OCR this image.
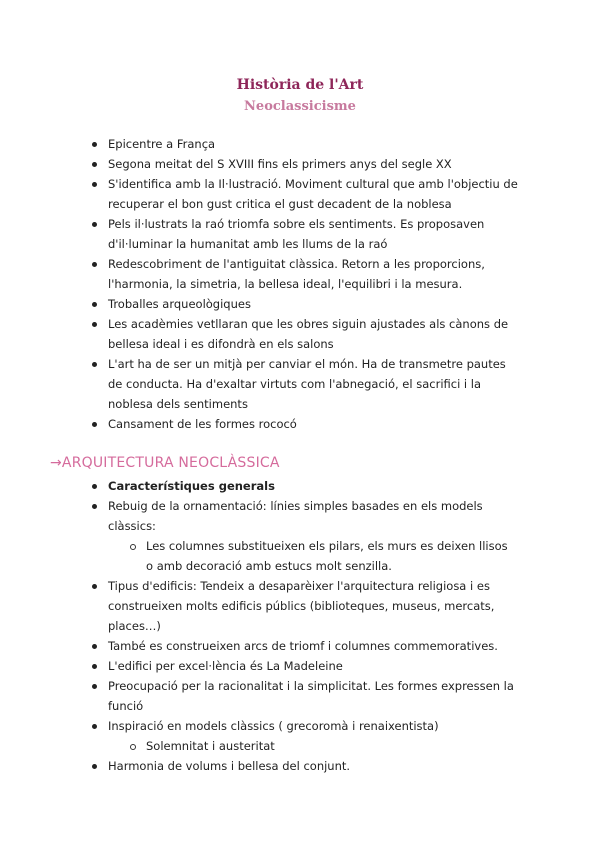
Història de l'Art
Neoclassicisme
Epicentre a França
Segona meitat del S XVIII fins els primers anys del segle XX
S'identifica amb la Il·lustració. Moviment cultural que amb l'objectiu de recuperar el bon gust critica el gust decadent de la noblesa
Pels il·lustrats la raó triomfa sobre els sentiments. Es proposaven d'il·luminar la humanitat amb les llums de la raó
Redescobriment de l'antiguitat clàssica. Retorn a les proporcions, l'harmonia, la simetria, la bellesa ideal, l'equilibri i la mesura.
Troballes arqueològiques
Les acadèmies vetllaran que les obres siguin ajustades als cànons de bellesa ideal i es difondrà en els salons
L'art ha de ser un mitjà per canviar el món. Ha de transmetre pautes de conducta. Ha d'exaltar virtuts com l'abnegació, el sacrifici i la noblesa dels sentiments
Cansament de les formes rococó
→ARQUITECTURA NEOCLÀSSICA
Característiques generals
Rebuig de la ornamentació: línies simples basades en els models clàssics:
Les columnes substitueixen els pilars, els murs es deixen llisos o amb decoració amb estucs molt senzilla.
Tipus d'edificis: Tendeix a desaparèixer l'arquitectura religiosa i es construeixen molts edificis públics (biblioteques, museus, mercats, places…)
També es construeixen arcs de triomf i columnes commemoratives.
L'edifici per excel·lència és La Madeleine
Preocupació per la racionalitat i la simplicitat. Les formes expressen la funció
Inspiració en models clàssics ( grecoromà i renaixentista)
Solemnitat i austeritat
Harmonia de volums i bellesa del conjunt.
